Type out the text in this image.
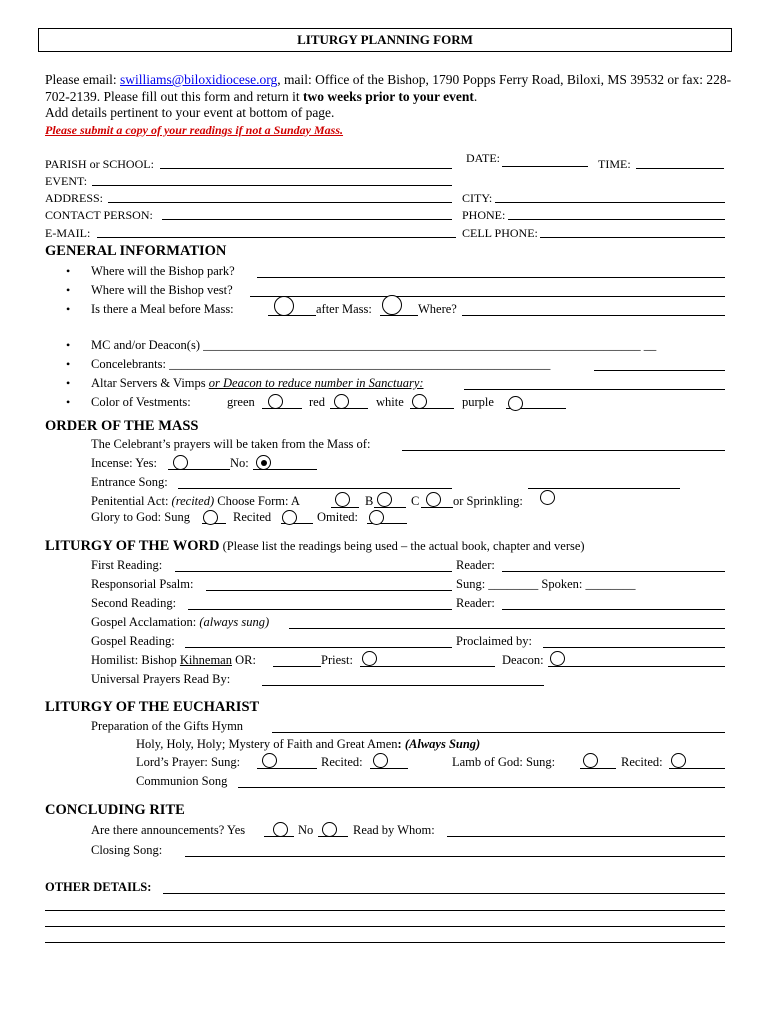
LITURGY PLANNING FORM
Please email: swilliams@biloxidiocese.org, mail: Office of the Bishop, 1790 Popps Ferry Road, Biloxi, MS 39532 or fax: 228-702-2139. Please fill out this form and return it two weeks prior to your event.
Add details pertinent to your event at bottom of page.
Please submit a copy of your readings if not a Sunday Mass.
PARISH or SCHOOL:	DATE:	TIME:
EVENT:
ADDRESS:	CITY:
CONTACT PERSON:	PHONE:
E-MAIL:	CELL PHONE:
GENERAL INFORMATION
• Where will the Bishop park?
• Where will the Bishop vest?
• Is there a Meal before Mass:	after Mass:	Where?
• MC and/or Deacon(s) ______________________________________________________________________ __
• Concelebrants: _____________________________________________________________
• Altar Servers & Vimps or Deacon to reduce number in Sanctuary:
• Color of Vestments:	green	red	white	purple
ORDER OF THE MASS
The Celebrant’s prayers will be taken from the Mass of:
Incense: Yes:	No:
Entrance Song:
Penitential Act: (recited) Choose Form: A	B	C	or Sprinkling:
Glory to God: Sung	Recited	Omited:
LITURGY OF THE WORD (Please list the readings being used – the actual book, chapter and verse)
First Reading:	Reader:
Responsorial Psalm:	Sung: ________ Spoken: ________
Second Reading:	Reader:
Gospel Acclamation: (always sung)
Gospel Reading:	Proclaimed by:
Homilist: Bishop Kihneman OR:	Priest:	Deacon:
Universal Prayers Read By:
LITURGY OF THE EUCHARIST
Preparation of the Gifts Hymn
Holy, Holy, Holy; Mystery of Faith and Great Amen: (Always Sung)
Lord’s Prayer: Sung:	Recited:	Lamb of God: Sung:	Recited:
Communion Song
CONCLUDING RITE
Are there announcements? Yes	No	Read by Whom:
Closing Song:
OTHER DETAILS:
